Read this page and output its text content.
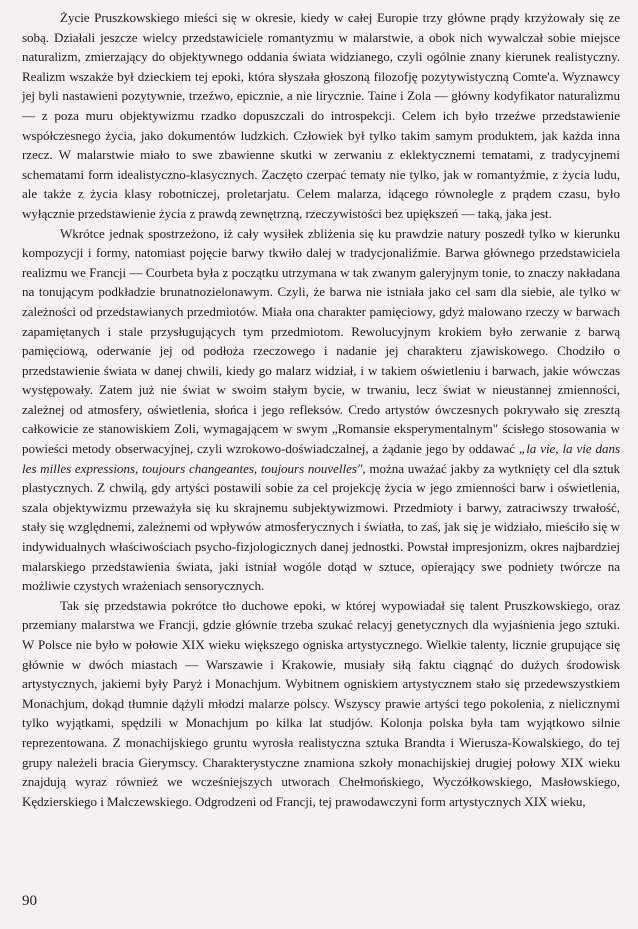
Życie Pruszkowskiego mieści się w okresie, kiedy w całej Europie trzy główne prądy krzyżowały się ze sobą. Działali jeszcze wielcy przedstawiciele romantyzmu w malarstwie, a obok nich wywalczał sobie miejsce naturalizm, zmierzający do objektywnego oddania świata widzianego, czyli ogólnie znany kierunek realistyczny. Realizm wszakże był dzieckiem tej epoki, która słyszała głoszoną filozofję pozytywistyczną Comte'a. Wyznawcy jej byli nastawieni pozytywnie, trzeźwo, epicznie, a nie lirycznie. Taine i Zola — główny kodyfikator naturalizmu — z poza muru objektywizmu rzadko dopuszczali do introspekcji. Celem ich było trzeźwe przedstawienie współczesnego życia, jako dokumentów ludzkich. Człowiek był tylko takim samym produktem, jak każda inna rzecz. W malarstwie miało to swe zbawienne skutki w zerwaniu z eklektycznemi tematami, z tradycyjnemi schematami form idealistyczno-klasycznych. Zaczęto czerpać tematy nie tylko, jak w romantyźmie, z życia ludu, ale także z życia klasy robotniczej, proletarjatu. Celem malarza, idącego równolegle z prądem czasu, było wyłącznie przedstawienie życia z prawdą zewnętrzną, rzeczywistości bez upiększeń — taką, jaka jest.

Wkrótce jednak spostrzeżono, iż cały wysiłek zbliżenia się ku prawdzie natury poszedł tylko w kierunku kompozycji i formy, natomiast pojęcie barwy tkwiło dalej w tradycjonaliźmie. Barwa głównego przedstawiciela realizmu we Francji — Courbeta była z początku utrzymana w tak zwanym galeryjnym tonie, to znaczy nakładana na tonującym podkładzie brunatnozielonawym. Czyli, że barwa nie istniała jako cel sam dla siebie, ale tylko w zależności od przedstawianych przedmiotów. Miała ona charakter pamięciowy, gdyż malowano rzeczy w barwach zapamiętanych i stale przysługujących tym przedmiotom. Rewolucyjnym krokiem było zerwanie z barwą pamięciową, oderwanie jej od podłoża rzeczowego i nadanie jej charakteru zjawiskowego. Chodziło o przedstawienie świata w danej chwili, kiedy go malarz widział, i w takiem oświetleniu i barwach, jakie wówczas występowały. Zatem już nie świat w swoim stałym bycie, w trwaniu, lecz świat w nieustannej zmienności, zależnej od atmosfery, oświetlenia, słońca i jego refleksów. Credo artystów ówczesnych pokrywało się zresztą całkowicie ze stanowiskiem Zoli, wymagającem w swym „Romansie eksperymentalnym" ścisłego stosowania w powieści metody obserwacyjnej, czyli wzrokowo-doświadczalnej, a żądanie jego by oddawać „la vie, la vie dans les milles expressions, toujours changeantes, toujours nouvelles", można uważać jakby za wytknięty cel dla sztuk plastycznych. Z chwilą, gdy artyści postawili sobie za cel projekcję życia w jego zmienności barw i oświetlenia, szala objektywizmu przeważyła się ku skrajnemu subjektywizmowi. Przedmioty i barwy, zatraciwszy trwałość, stały się względnemi, zależnemi od wpływów atmosferycznych i światła, to zaś, jak się je widziało, mieściło się w indywidualnych właściwościach psycho-fizjologicznych danej jednostki. Powstał impresjonizm, okres najbardziej malarskiego przedstawienia świata, jaki istniał wogóle dotąd w sztuce, opierający swe podniety twórcze na możliwie czystych wrażeniach sensorycznych.

Tak się przedstawia pokrótce tło duchowe epoki, w której wypowiadał się talent Pruszkowskiego, oraz przemiany malarstwa we Francji, gdzie głównie trzeba szukać relacyj genetycznych dla wyjaśnienia jego sztuki. W Polsce nie było w połowie XIX wieku większego ogniska artystycznego. Wielkie talenty, licznie grupujące się głównie w dwóch miastach — Warszawie i Krakowie, musiały siłą faktu ciągnąć do dużych środowisk artystycznych, jakiemi były Paryż i Monachjum. Wybitnem ogniskiem artystycznem stało się przedewszystkiem Monachjum, dokąd tłumnie dążyli młodzi malarze polscy. Wszyscy prawie artyści tego pokolenia, z nielicznymi tylko wyjątkami, spędzili w Monachjum po kilka lat studjów. Kolonja polska była tam wyjątkowo silnie reprezentowana. Z monachijskiego gruntu wyrosła realistyczna sztuka Brandta i Wierusza-Kowalskiego, do tej grupy należeli bracia Gierymscy. Charakterystyczne znamiona szkoły monachijskiej drugiej połowy XIX wieku znajdują wyraz również we wcześniejszych utworach Chełmońskiego, Wyczółkowskiego, Masłowskiego, Kędzierskiego i Malczewskiego. Odgrodzeni od Francji, tej prawodawczyni form artystycznych XIX wieku,

90
